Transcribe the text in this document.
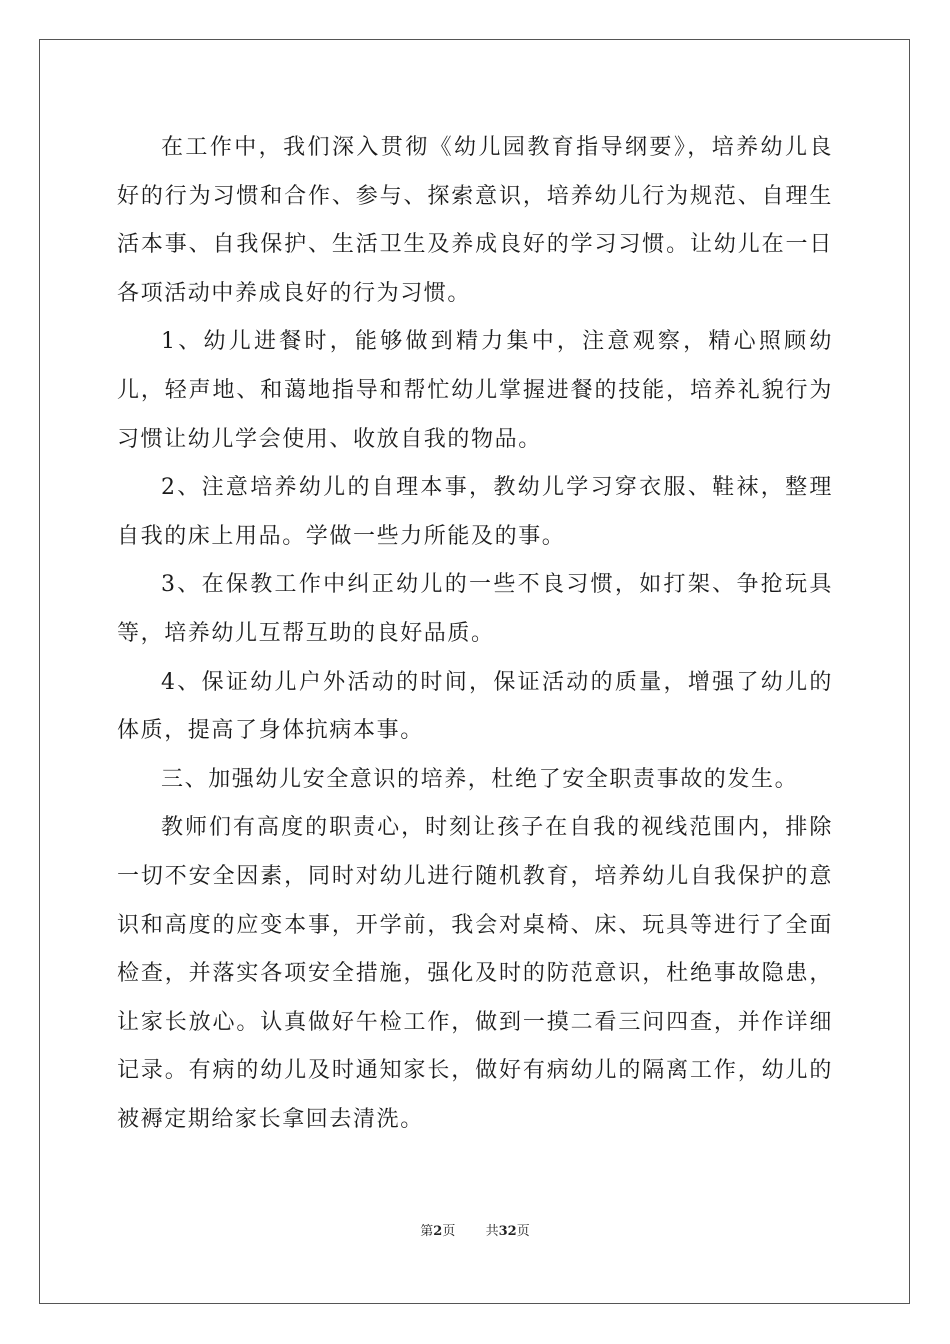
在工作中，我们深入贯彻《幼儿园教育指导纲要》，培养幼儿良好的行为习惯和合作、参与、探索意识，培养幼儿行为规范、自理生活本事、自我保护、生活卫生及养成良好的学习习惯。让幼儿在一日各项活动中养成良好的行为习惯。

1、幼儿进餐时，能够做到精力集中，注意观察，精心照顾幼儿，轻声地、和蔼地指导和帮忙幼儿掌握进餐的技能，培养礼貌行为习惯让幼儿学会使用、收放自我的物品。

2、注意培养幼儿的自理本事，教幼儿学习穿衣服、鞋袜，整理自我的床上用品。学做一些力所能及的事。

3、在保教工作中纠正幼儿的一些不良习惯，如打架、争抢玩具等，培养幼儿互帮互助的良好品质。

4、保证幼儿户外活动的时间，保证活动的质量，增强了幼儿的体质，提高了身体抗病本事。

三、加强幼儿安全意识的培养，杜绝了安全职责事故的发生。

教师们有高度的职责心，时刻让孩子在自我的视线范围内，排除一切不安全因素，同时对幼儿进行随机教育，培养幼儿自我保护的意识和高度的应变本事，开学前，我会对桌椅、床、玩具等进行了全面检查，并落实各项安全措施，强化及时的防范意识，杜绝事故隐患，让家长放心。认真做好午检工作，做到一摸二看三问四查，并作详细记录。有病的幼儿及时通知家长，做好有病幼儿的隔离工作，幼儿的被褥定期给家长拿回去清洗。

第2页 共32页
